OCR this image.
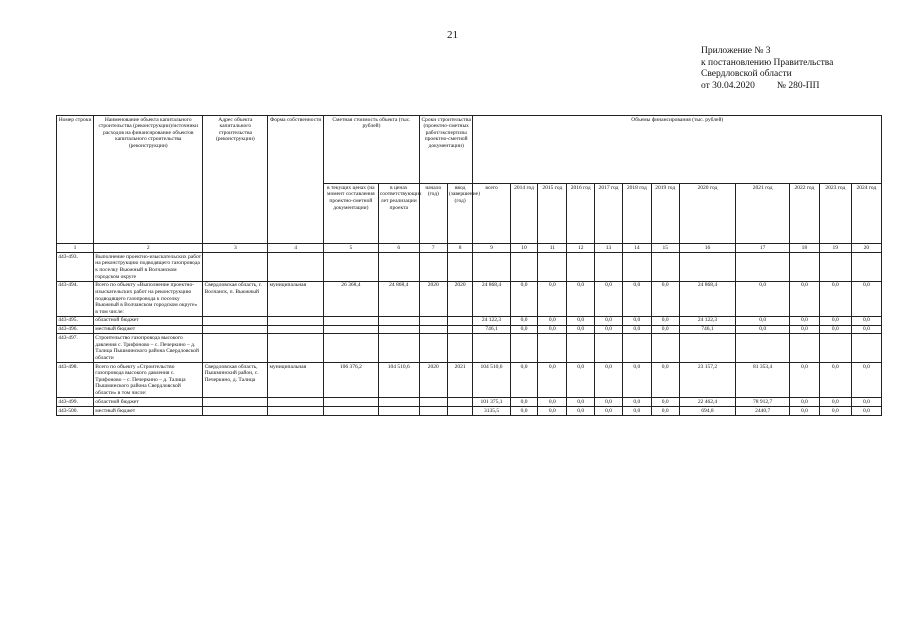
21
Приложение № 3
к постановлению Правительства
Свердловской области
от 30.04.2020 № 280-ПП
Номер строки	Наименование объекта капитального строительства (реконструкции)/источники расходов на финансирование объектов капитального строительства (реконструкции)	Адрес объекта капитального строительства (реконструкции)	Форма собственности	Сметная стоимость объекта (тыс. рублей)		Сроки строительства (проектно-сметных работ/экспертизы проектно-сметной документации)		Объемы финансирования (тыс. рублей)											
				в текущих ценах (на момент составления проектно-сметной документации)	в ценах соответствующих лет реализации проекта	начало (год)	ввод (завершение) (год)	всего	2014 год	2015 год	2016 год	2017 год	2018 год	2019 год	2020 год	2021 год	2022 год	2023 год	2024 год
1	2	3	4	5	6	7	8	9	10	11	12	13	14	15	16	17	18	19	20
443-493.	Выполнение проектно-изыскательских работ на реконструкцию подводящего газопровода к поселку Вьюжный в Волчанском городском округе																		
443-494.	Всего по объекту «Выполнение проектно-изыскательских работ на реконструкцию подводящего газопровода к поселку Вьюжный в Волчанском городском округе» в том числе:	Свердловская область, г. Волчанск, п. Вьюжный	муниципальная	26 368,4	24 868,4	2020	2020	24 868,4	0,0	0,0	0,0	0,0	0,0	0,0	24 868,4	0,0	0,0	0,0	0,0
443-495.	областной бюджет							24 122,3	0,0	0,0	0,0	0,0	0,0	0,0	24 122,3	0,0	0,0	0,0	0,0
443-496.	местный бюджет							746,1	0,0	0,0	0,0	0,0	0,0	0,0	746,1	0,0	0,0	0,0	0,0
443-497.	Строительство газопровода высокого давления с. Трифоново – с. Печеркино – д. Талица Пышминского района Свердловской области																		
443-498.	Всего по объекту «Строительство газопровода высокого давления с. Трифоново – с. Печеркино – д. Талица Пышминского района Свердловской области» в том числе:	Свердловская область, Пышминский район, с. Печеркино, д. Талица	муниципальная	106 376,2	104 510,6	2020	2021	104 510,6	0,0	0,0	0,0	0,0	0,0	0,0	23 157,2	81 353,4	0,0	0,0	0,0
443-499.	областной бюджет							101 375,1	0,0	0,0	0,0	0,0	0,0	0,0	22 462,4	78 912,7	0,0	0,0	0,0
443-500.	местный бюджет							3135,5	0,0	0,0	0,0	0,0	0,0	0,0	694,8	2440,7	0,0	0,0	0,0
